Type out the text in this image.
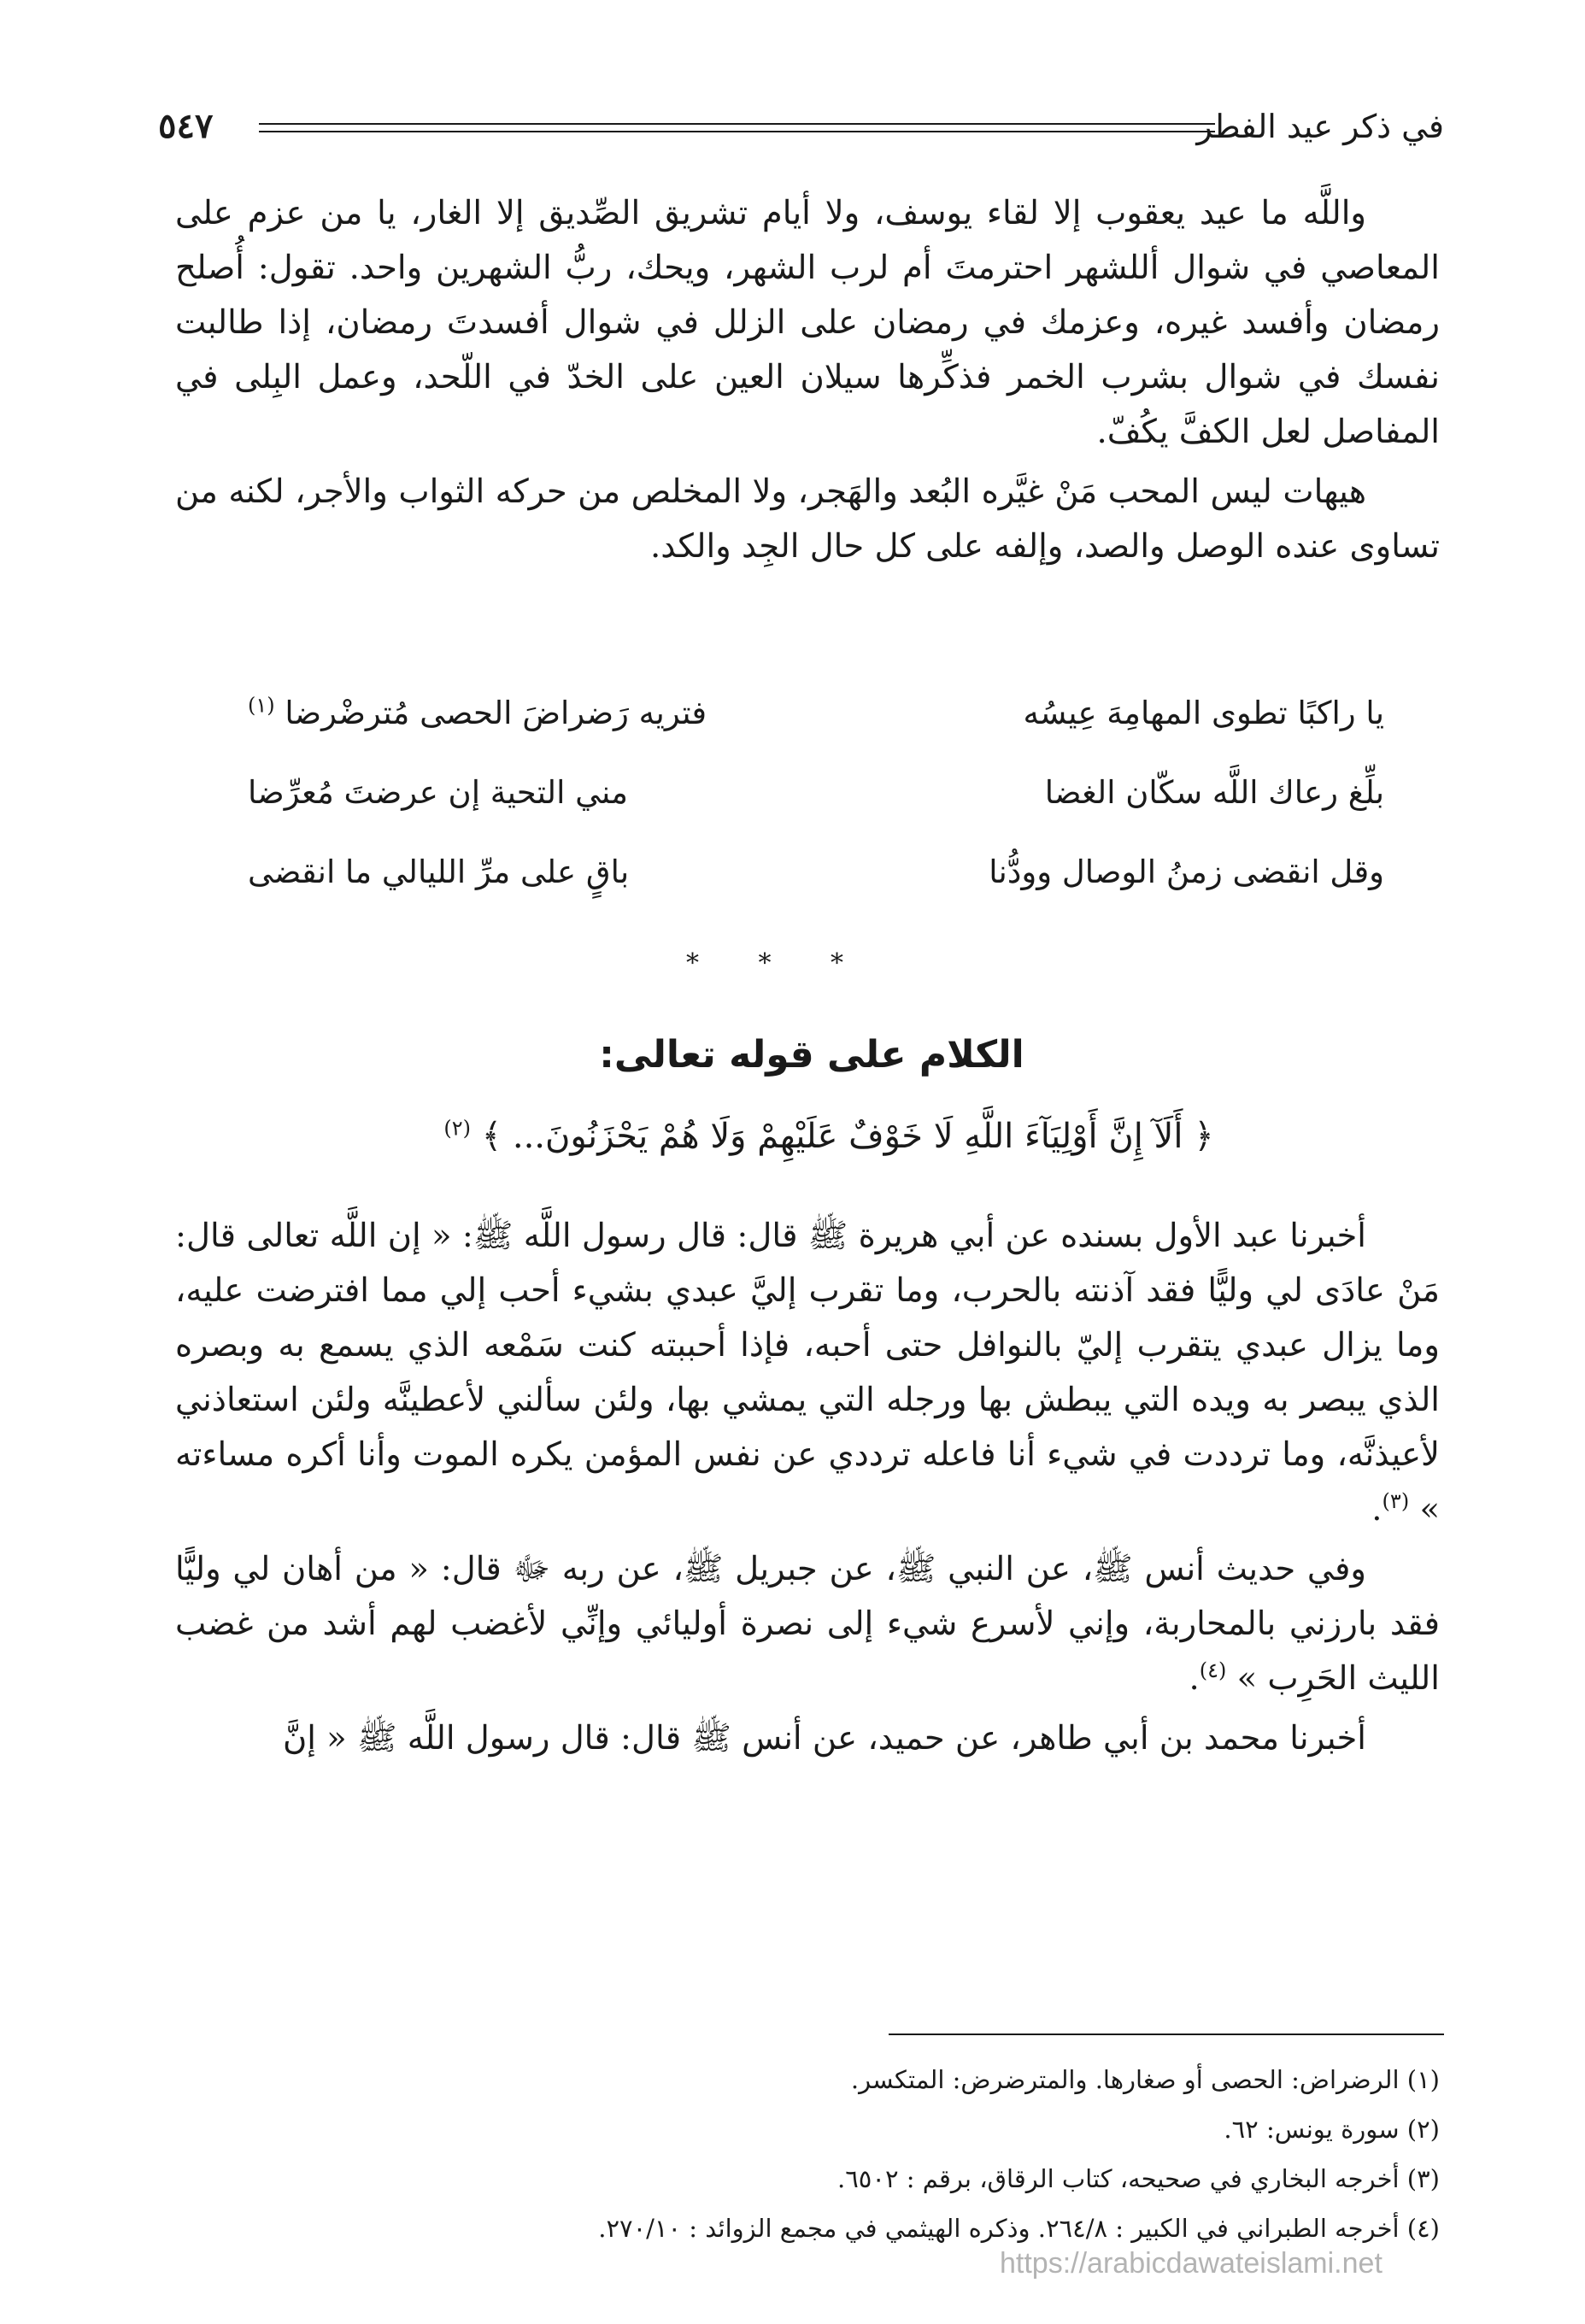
في ذكر عيد الفطر
٥٤٧

واللَّه ما عيد يعقوب إلا لقاء يوسف، ولا أيام تشريق الصِّديق إلا الغار، يا من عزم على المعاصي في شوال أللشهر احترمتَ أم لرب الشهر، ويحك، ربُّ الشهرين واحد. تقول: أُصلح رمضان وأفسد غيره، وعزمك في رمضان على الزلل في شوال أفسدتَ رمضان، إذا طالبت نفسك في شوال بشرب الخمر فذكِّرها سيلان العين على الخدّ في اللّحد، وعمل البِلى في المفاصل لعل الكفَّ يكُفّ.

هيهات ليس المحب مَنْ غيَّره البُعد والهَجر، ولا المخلص من حركه الثواب والأجر، لكنه من تساوى عنده الوصل والصد، وإلفه على كل حال الجِد والكد.

يا راكبًا تطوى المهامِهَ عِيسُه
فتريه رَضراضَ الحصى مُترضْرضا $^{(١)}$
بلِّغ رعاك اللَّه سكّان الغضا
مني التحية إن عرضتَ مُعرِّضا
وقل انقضى زمنُ الوصال وودُّنا
باقٍ على مرِّ الليالي ما انقضى
* * *
الكلام على قوله تعالى:
﴿ أَلَآ إِنَّ أَوْلِيَآءَ اللَّهِ لَا خَوْفٌ عَلَيْهِمْ وَلَا هُمْ يَحْزَنُونَ... ﴾ $^{(٢)}$

أخبرنا عبد الأول بسنده عن أبي هريرة ﷺ قال: قال رسول اللَّه ﷺ: « إن اللَّه تعالى قال: مَنْ عادَى لي وليًّا فقد آذنته بالحرب، وما تقرب إليَّ عبدي بشيء أحب إلي مما افترضت عليه، وما يزال عبدي يتقرب إليّ بالنوافل حتى أحبه، فإذا أحببته كنت سَمْعه الذي يسمع به وبصره الذي يبصر به ويده التي يبطش بها ورجله التي يمشي بها، ولئن سألني لأعطينَّه ولئن استعاذني لأعيذنَّه، وما ترددت في شيء أنا فاعله ترددي عن نفس المؤمن يكره الموت وأنا أكره مساءته » $^{(٣)}$.

وفي حديث أنس ﷺ، عن النبي ﷺ، عن جبريل ﷺ، عن ربه ﷻ قال: « من أهان لي وليًّا فقد بارزني بالمحاربة، وإني لأسرع شيء إلى نصرة أوليائي وإنِّي لأغضب لهم أشد من غضب الليث الحَرِب » $^{(٤)}$.

أخبرنا محمد بن أبي طاهر، عن حميد، عن أنس ﷺ قال: قال رسول اللَّه ﷺ « إنَّ

(١) الرضراض: الحصى أو صغارها. والمترضرض: المتكسر.
(٢) سورة يونس: ٦٢.
(٣) أخرجه البخاري في صحيحه، كتاب الرقاق، برقم : ٦٥٠٢.
(٤) أخرجه الطبراني في الكبير : ٢٦٤/٨. وذكره الهيثمي في مجمع الزوائد : ٢٧٠/١٠.
https://arabicdawateislami.net
